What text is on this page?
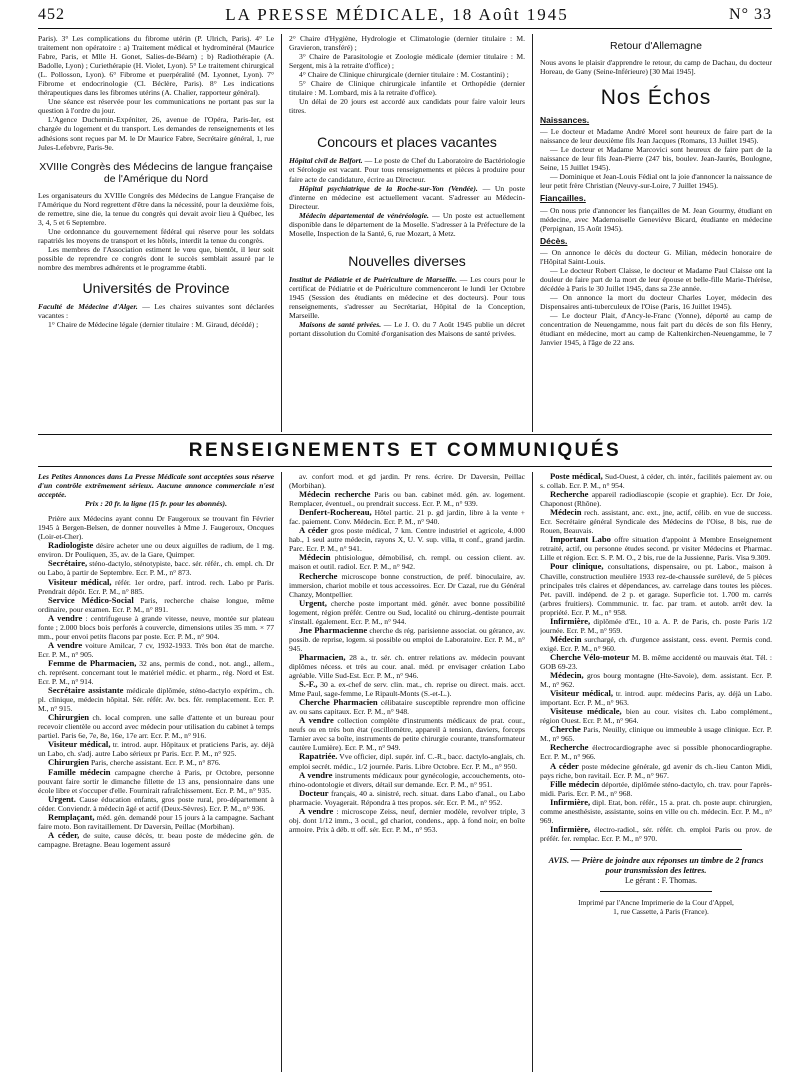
452	LA PRESSE MÉDICALE, 18 Août 1945	N° 33

Paris). 3° Les complications du fibrome utérin (P. Ulrich, Paris). 4° Le traitement non opératoire : a) Traitement médical et hydrominéral (Maurice Fabre, Paris, et Mlle H. Gonet, Salies-de-Béarn) ; b) Radiothérapie (A. Badolle, Lyon) ; Curiethérapie (H. Violet, Lyon). 5° Le traitement chirurgical (L. Pollosson, Lyon). 6° Fibrome et puerpéralité (M. Lyonnet, Lyon). 7° Fibrome et endocrinologie (Cl. Béclère, Paris). 8° Les indications thérapeutiques dans les fibromes utérins (A. Chalier, rapporteur général).

Une séance est réservée pour les communications ne portant pas sur la question à l'ordre du jour.

L'Agence Duchemin-Expéniter, 26, avenue de l'Opéra, Paris-Ier, est chargée du logement et du transport. Les demandes de renseignements et les adhésions sont reçues par M. le Dr Maurice Fabre, Secrétaire général, 1, rue Jules-Lefebvre, Paris-9e.

XVIIIe Congrès des Médecins de langue française de l'Amérique du Nord

Les organisateurs du XVIIIe Congrès des Médecins de Langue Française de l'Amérique du Nord regrettent d'être dans la nécessité, pour la deuxième fois, de remettre, sine die, la tenue du congrès qui devait avoir lieu à Québec, les 3, 4, 5 et 6 Septembre.

Une ordonnance du gouvernement fédéral qui réserve pour les soldats rapatriés les moyens de transport et les hôtels, interdit la tenue du congrès.

Les membres de l'Association estiment le vœu que, bientôt, il leur soit possible de reprendre ce congrès dont le succès semblait assuré par le nombre des membres adhérents et le programme établi.

Universités de Province

Faculté de Médecine d'Alger. — Les chaires suivantes sont déclarées vacantes :

1° Chaire de Médecine légale (dernier titulaire : M. Giraud, décédé) ;

2° Chaire d'Hygiène, Hydrologie et Climatologie (dernier titulaire : M. Gravieron, transféré) ;

3° Chaire de Parasitologie et Zoologie médicale (dernier titulaire : M. Sergent, mis à la retraite d'office) ;

4° Chaire de Clinique chirurgicale (dernier titulaire : M. Costantini) ;

5° Chaire de Clinique chirurgicale infantile et Orthopédie (dernier titulaire : M. Lombard, mis à la retraite d'office).

Un délai de 20 jours est accordé aux candidats pour faire valoir leurs titres.

Concours et places vacantes

Hôpital civil de Belfort. — Le poste de Chef du Laboratoire de Bactériologie et Sérologie est vacant. Pour tous renseignements et pièces à produire pour faire acte de candidature, écrire au Directeur.

Hôpital psychiatrique de la Roche-sur-Yon (Vendée). — Un poste d'interne en médecine est actuellement vacant. S'adresser au Médecin-Directeur.

Médecin départemental de vénéréologie. — Un poste est actuellement disponible dans le département de la Moselle. S'adresser à la Préfecture de la Moselle, Inspection de la Santé, 6, rue Mozart, à Metz.

Nouvelles diverses

Institut de Pédiatrie et de Puériculture de Marseille. — Les cours pour le certificat de Pédiatrie et de Puériculture commenceront le lundi 1er Octobre 1945 (Session des étudiants en médecine et des docteurs). Pour tous renseignements, s'adresser au Secrétariat, Hôpital de la Conception, Marseille.

Maisons de santé privées. — Le J. O. du 7 Août 1945 publie un décret portant dissolution du Comité d'organisation des Maisons de santé privées.

Retour d'Allemagne

Nous avons le plaisir d'apprendre le retour, du camp de Dachau, du docteur Horeau, de Gany (Seine-Inférieure) [30 Mai 1945].

Nos Échos
Naissances.

— Le docteur et Madame André Morel sont heureux de faire part de la naissance de leur deuxième fils Jean Jacques (Romans, 13 Juillet 1945).

— Le docteur et Madame Marcovici sont heureux de faire part de la naissance de leur fils Jean-Pierre (247 bis, boulev. Jean-Jaurès, Boulogne, Seine, 15 Juillet 1945).

— Dominique et Jean-Louis Fédial ont la joie d'annoncer la naissance de leur petit frère Christian (Neuvy-sur-Loire, 7 Juillet 1945).

Fiançailles.

— On nous prie d'annoncer les fiançailles de M. Jean Gourmy, étudiant en médecine, avec Mademoiselle Geneviève Bicard, étudiante en médecine (Perpignan, 15 Août 1945).

Décès.

— On annonce le décès du docteur G. Milian, médecin honoraire de l'Hôpital Saint-Louis.

— Le docteur Robert Claisse, le docteur et Madame Paul Claisse ont la douleur de faire part de la mort de leur épouse et belle-fille Marie-Thérèse, décédée à Paris le 30 Juillet 1945, dans sa 23e année.

— On annonce la mort du docteur Charles Loyer, médecin des Dispensaires anti-tuberculeux de l'Oise (Paris, 16 Juillet 1945).

— Le docteur Plait, d'Ancy-le-Franc (Yonne), déporté au camp de concentration de Neuengamme, nous fait part du décès de son fils Henry, étudiant en médecine, mort au camp de Kaltenkirchen-Neuengamme, le 7 Janvier 1945, à l'âge de 22 ans.

RENSEIGNEMENTS ET COMMUNIQUÉS

Les Petites Annonces dans La Presse Médicale sont acceptées sous réserve d'un contrôle extrêmement sérieux. Aucune annonce commerciale n'est acceptée.

Prix : 20 fr. la ligne (15 fr. pour les abonnés).

Prière aux Médecins ayant connu Dr Faugeroux se trouvant fin Février 1945 à Bergen-Belsen, de donner nouvelles à Mme J. Faugeroux, Oncques (Loir-et-Cher).

Radiologiste désire acheter une ou deux aiguilles de radium, de 1 mg. environ. Dr Pouliquen, 35, av. de la Gare, Quimper.

Secrétaire, sténo-dactylo, sténotypiste, bacc. sér. référ., ch. empl. ch. Dr ou Labo, à partir de Septembre. Ecr. P. M., n° 873.

Visiteur médical, référ. 1er ordre, parf. introd. rech. Labo pr Paris. Prendrait dépôt. Ecr. P. M., n° 885.

Service Médico-Social Paris, recherche chaise longue, même ordinaire, pour examen. Ecr. P. M., n° 891.

A vendre : centrifugeuse à grande vitesse, neuve, montée sur plateau fonte ; 2.000 blocs bois perforés à couvercle, dimensions utiles 35 mm. × 77 mm., pour envoi petits flacons par poste. Ecr. P. M., n° 904.

A vendre voiture Amilcar, 7 cv, 1932-1933. Très bon état de marche. Ecr. P. M., n° 905.

Femme de Pharmacien, 32 ans, permis de cond., not. angl., allem., ch. représent. concernant tout le matériel médic. et pharm., rég. Nord et Est. Ecr. P. M., n° 914.

Secrétaire assistante médicale diplômée, sténo-dactylo expérim., ch. pl. clinique, médecin hôpital. Sér. référ. Av. bcs. fér. remplacement. Ecr. P. M., n° 915.

Chirurgien ch. local compren. une salle d'attente et un bureau pour recevoir clientèle ou accord avec médecin pour utilisation du cabinet à temps partiel. Paris 6e, 7e, 8e, 16e, 17e arr. Ecr. P. M., n° 916.

Visiteur médical, tr. introd. aupr. Hôpitaux et praticiens Paris, ay. déjà un Labo, ch. s'adj. autre Labo sérieux pr Paris. Ecr. P. M., n° 925.

Chirurgien Paris, cherche assistant. Ecr. P. M., n° 876.

Famille médecin campagne cherche à Paris, pr Octobre, personne pouvant faire sortir le dimanche fillette de 13 ans, pensionnaire dans une école libre et s'occuper d'elle. Fournirait rafraîchissement. Ecr. P. M., n° 935.

Urgent. Cause éducation enfants, gros poste rural, pro-département à céder. Conviendr. à médecin âgé et actif (Deux-Sèvres). Ecr. P. M., n° 936.

Remplaçant, méd. gén. demandé pour 15 jours à la campagne. Sachant faire moto. Bon ravitaillement. Dr Daversin, Peillac (Morbihan).

A céder, de suite, cause décès, tr. beau poste de médecine gén. de campagne. Bretagne. Beau logement assuré

av. confort mod. et gd jardin. Pr rens. écrire. Dr Daversin, Peillac (Morbihan).

Médecin recherche Paris ou ban. cabinet méd. gén. av. logement. Remplacer, éventuel., ou prendrait success. Ecr. P. M., n° 939.

Denfert-Rochereau, Hôtel partic. 21 p. gd jardin, libre à la vente + fac. paiement. Conv. Médecin. Ecr. P. M., n° 940.

A céder gros poste médical, 7 km. Centre industriel et agricole, 4.000 hab., 1 seul autre médecin, rayons X, U. V. sup. villa, tt conf., grand jardin. Parc. Ecr. P. M., n° 941.

Médecin phtisiologue, démobilisé, ch. rempl. ou cession client. av. maison et outil. radiol. Ecr. P. M., n° 942.

Recherche microscope bonne construction, de préf. binoculaire, av. immersion, chariot mobile et tous accessoires. Ecr. Dr Cazal, rue du Général Chanzy, Montpellier.

Urgent, cherche poste important méd. génér. avec bonne possibilité logement, région préfér. Centre ou Sud, localité ou chirurg.-dentiste pourrait s'install. également. Ecr. P. M., n° 944.

Jne Pharmacienne cherche ds rég. parisienne associat. ou gérance, av. possib. de reprise, logem. si possible ou emploi de Laboratoire. Ecr. P. M., n° 945.

Pharmacien, 28 a., tr. sér. ch. entrer relations av. médecin pouvant diplômes nécess. et très au cour. anal. méd. pr envisager création Labo agréable. Ville Sud-Est. Ecr. P. M., n° 946.

S.-F., 30 a. ex-chef de serv. clin. mat., ch. reprise ou direct. mais. acct. Mme Paul, sage-femme, Le Ripault-Monts (S.-et-L.).

Cherche Pharmacien célibataire susceptible reprendre mon officine av. ou sans capitaux. Ecr. P. M., n° 948.

A vendre collection complète d'instruments médicaux de prat. cour., neufs ou en très bon état (oscillomètre, appareil à tension, daviers, forceps Tarnier avec sa boîte, instruments de petite chirurgie courante, transformateur cautère Lumière). Ecr. P. M., n° 949.

Rapatriée. Vve officier, dipl. supér. inf. C.-R., bacc. dactylo-anglais, ch. emploi secrét. médic., 1/2 journée. Paris. Libre Octobre. Ecr. P. M., n° 950.

A vendre instruments médicaux pour gynécologie, accouchements, oto-rhino-odontologie et divers, détail sur demande. Ecr. P. M., n° 951.

Docteur français, 40 a. sinistré, rech. situat. dans Labo d'anal., ou Labo pharmacie. Voyagerait. Répondra à ttes propos. sér. Ecr. P. M., n° 952.

A vendre : microscope Zeiss, neuf, dernier modèle, revolver triple, 3 obj. dont 1/12 imm., 3 ocul., gd chariot, condens., app. à fond noir, en boîte armoire. Prix à déb. tt off. sér. Ecr. P. M., n° 953.

Poste médical, Sud-Ouest, à céder, ch. intér., facilités paiement av. ou s. collab. Ecr. P. M., n° 954.

Recherche appareil radiodiascopie (scopie et graphie). Ecr. Dr Joie, Chaponost (Rhône).

Médecin rech. assistant, anc. ext., jne, actif, célib. en vue de success. Ecr. Secrétaire général Syndicale des Médecins de l'Oise, 8 bis, rue de Rouen, Beauvais.

Important Labo offre situation d'appoint à Membre Enseignement retraité, actif, ou personne études second. pr visiter Médecins et Pharmac. Lille et région. Ecr. S. P. M. O., 2 bis, rue de la Jussienne, Paris. Visa 9.309.

Pour clinique, consultations, dispensaire, ou pt. Labor., maison à Chaville, construction meulière 1933 rez-de-chaussée surélevé, de 5 pièces principales très claires et dépendances, av. carrelage dans toutes les pièces. Pet. pavill. indépend. de 2 p. et garage. Superficie tot. 1.700 m. carrés (arbres fruitiers). Commmunic. tr. fac. par tram. et autob. arrêt dev. la propriété. Ecr. P. M., n° 958.

Infirmière, diplômée d'Et., 10 a. A. P. de Paris, ch. poste Paris 1/2 journée. Ecr. P. M., n° 959.

Médecin surchargé, ch. d'urgence assistant, cess. event. Permis cond. exigé. Ecr. P. M., n° 960.

Cherche Vélo-moteur M. B. même accidenté ou mauvais état. Tél. : GOB 69-23.

Médecin, gros bourg montagne (Hte-Savoie), dem. assistant. Ecr. P. M., n° 962.

Visiteur médical, tr. introd. aupr. médecins Paris, ay. déjà un Labo. important. Ecr. P. M., n° 963.

Visiteuse médicale, bien au cour. visites ch. Labo complément., région Ouest. Ecr. P. M., n° 964.

Cherche Paris, Neuilly, clinique ou immeuble à usage clinique. Ecr. P. M., n° 965.

Recherche électrocardiographe avec si possible phonocardiographe. Ecr. P. M., n° 966.

A céder poste médecine générale, gd avenir ds ch.-lieu Canton Midi, pays riche, bon ravitail. Ecr. P. M., n° 967.

Fille médecin déportée, diplômée sténo-dactylo, ch. trav. pour l'après-midi. Paris. Ecr. P. M., n° 968.

Infirmière, dipl. Etat, bon. référ., 15 a. prat. ch. poste aupr. chirurgien, comme anesthésiste, assistante, soins en ville ou ch. médecin. Ecr. P. M., n° 969.

Infirmière, électro-radiol., sér. référ. ch. emploi Paris ou prov. de préfér. fer. remplac. Ecr. P. M., n° 970.

AVIS. — Prière de joindre aux réponses un timbre de 2 francs pour transmission des lettres.

Le gérant : F. Thomas.

Imprimé par l'Ancne Imprimerie de la Cour d'Appel,

1, rue Cassette, à Paris (France).
